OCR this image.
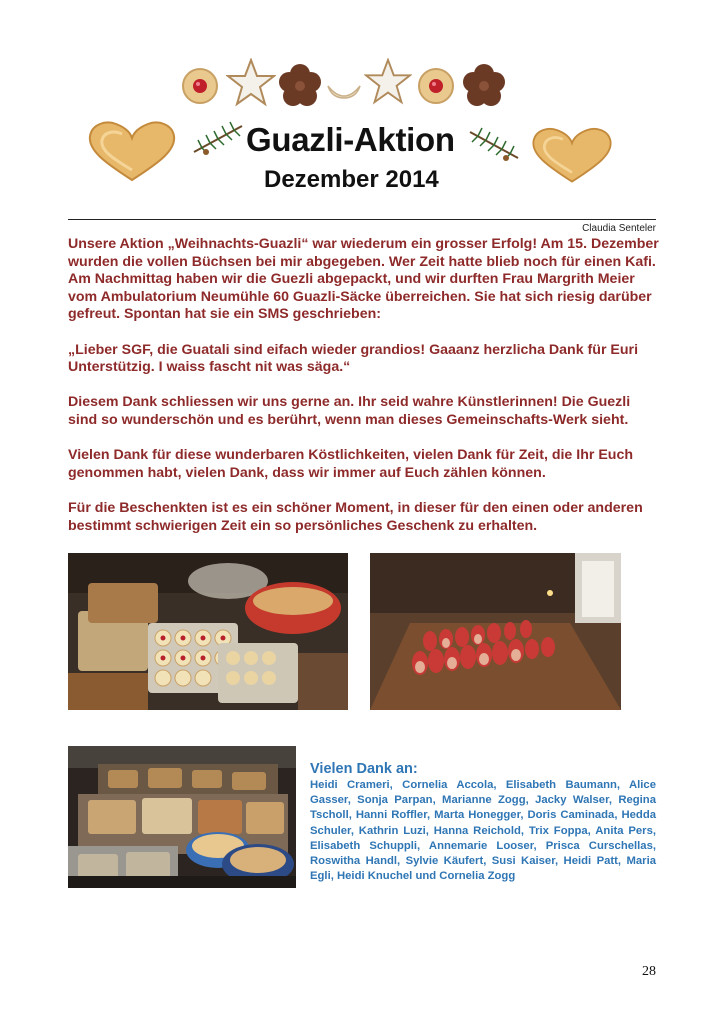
Guazli-Aktion
Dezember 2014
Claudia Senteler

Unsere Aktion „Weihnachts-Guazli“ war wiederum ein grosser Erfolg! Am 15. Dezember wurden die vollen Büchsen bei mir abgegeben. Wer Zeit hatte blieb noch für einen Kafi. Am Nachmittag haben wir die Guezli abgepackt, und wir durften Frau Margrith Meier vom Ambulatorium Neumühle 60 Guazli-Säcke überreichen. Sie hat sich riesig darüber gefreut. Spontan hat sie ein SMS geschrieben:

„Lieber SGF, die Guatali sind eifach wieder grandios! Gaaanz herzlicha Dank für Euri Unterstützig. I waiss fascht nit was säga.“

Diesem Dank schliessen wir uns gerne an. Ihr seid wahre Künstlerinnen! Die Guezli sind so wunderschön und es berührt, wenn man dieses Gemeinschafts-Werk sieht.

Vielen Dank für diese wunderbaren Köstlichkeiten, vielen Dank für Zeit, die Ihr Euch genommen habt, vielen Dank, dass wir immer auf Euch zählen können.

Für die Beschenkten ist es ein schöner Moment, in dieser für den einen oder anderen bestimmt schwierigen Zeit ein so persönliches Geschenk zu erhalten.

Vielen Dank an:
Heidi Crameri, Cornelia Accola, Elisabeth Baumann, Alice Gasser, Sonja Parpan, Marianne Zogg, Jacky Walser, Regina Tscholl, Hanni Roffler, Marta Honegger, Doris Caminada, Hedda Schuler, Kathrin Luzi, Hanna Reichold, Trix Foppa, Anita Pers, Elisabeth Schuppli, Annemarie Looser, Prisca Curschellas, Roswitha Handl, Sylvie Käufert, Susi Kaiser, Heidi Patt, Maria Egli, Heidi Knuchel und Cornelia Zogg
28
